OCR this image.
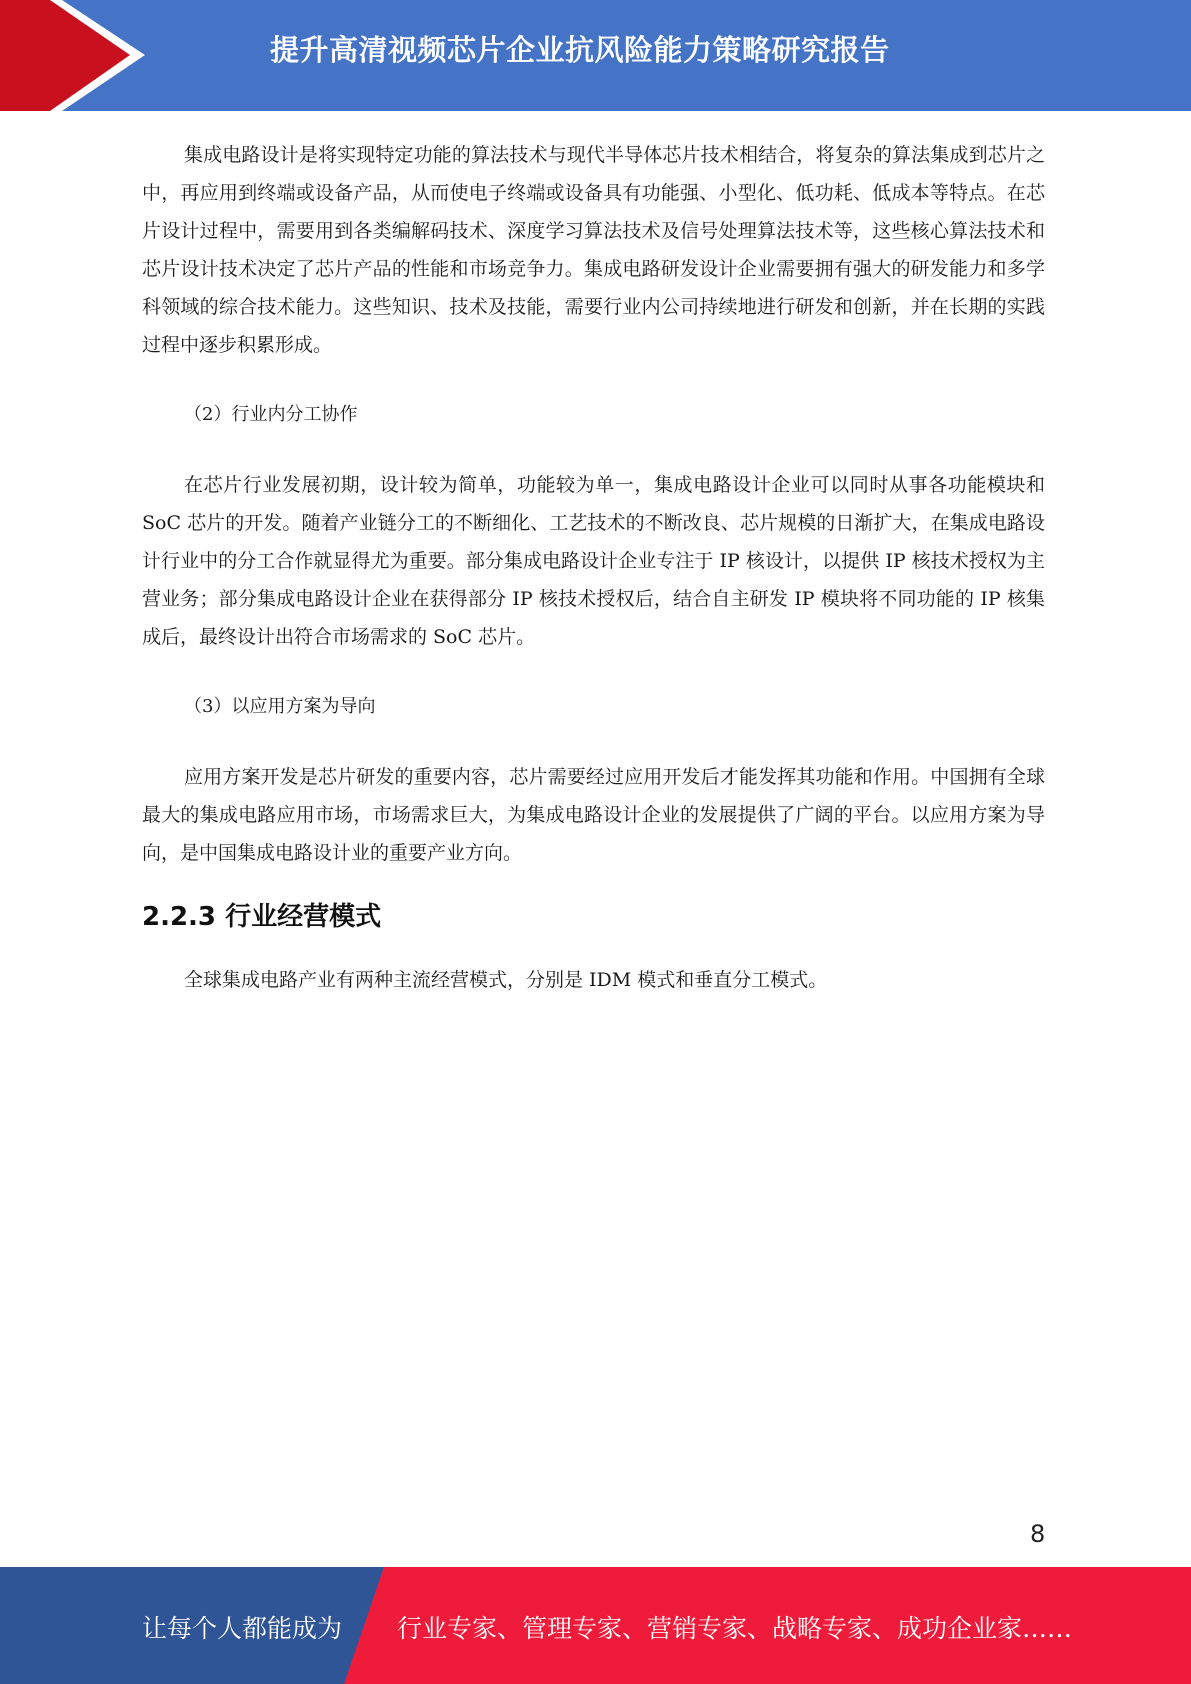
提升高清视频芯片企业抗风险能力策略研究报告

集成电路设计是将实现特定功能的算法技术与现代半导体芯片技术相结合，将复杂的算法集成到芯片之中，再应用到终端或设备产品，从而使电子终端或设备具有功能强、小型化、低功耗、低成本等特点。在芯片设计过程中，需要用到各类编解码技术、深度学习算法技术及信号处理算法技术等，这些核心算法技术和芯片设计技术决定了芯片产品的性能和市场竞争力。集成电路研发设计企业需要拥有强大的研发能力和多学科领域的综合技术能力。这些知识、技术及技能，需要行业内公司持续地进行研发和创新，并在长期的实践过程中逐步积累形成。

（2）行业内分工协作

在芯片行业发展初期，设计较为简单，功能较为单一，集成电路设计企业可以同时从事各功能模块和 SoC 芯片的开发。随着产业链分工的不断细化、工艺技术的不断改良、芯片规模的日渐扩大，在集成电路设计行业中的分工合作就显得尤为重要。部分集成电路设计企业专注于 IP 核设计，以提供 IP 核技术授权为主营业务；部分集成电路设计企业在获得部分 IP 核技术授权后，结合自主研发 IP 模块将不同功能的 IP 核集成后，最终设计出符合市场需求的 SoC 芯片。

（3）以应用方案为导向

应用方案开发是芯片研发的重要内容，芯片需要经过应用开发后才能发挥其功能和作用。中国拥有全球最大的集成电路应用市场，市场需求巨大，为集成电路设计企业的发展提供了广阔的平台。以应用方案为导向，是中国集成电路设计业的重要产业方向。

2.2.3 行业经营模式

全球集成电路产业有两种主流经营模式，分别是 IDM 模式和垂直分工模式。

8
让每个人都能成为 行业专家、管理专家、营销专家、战略专家、成功企业家……
